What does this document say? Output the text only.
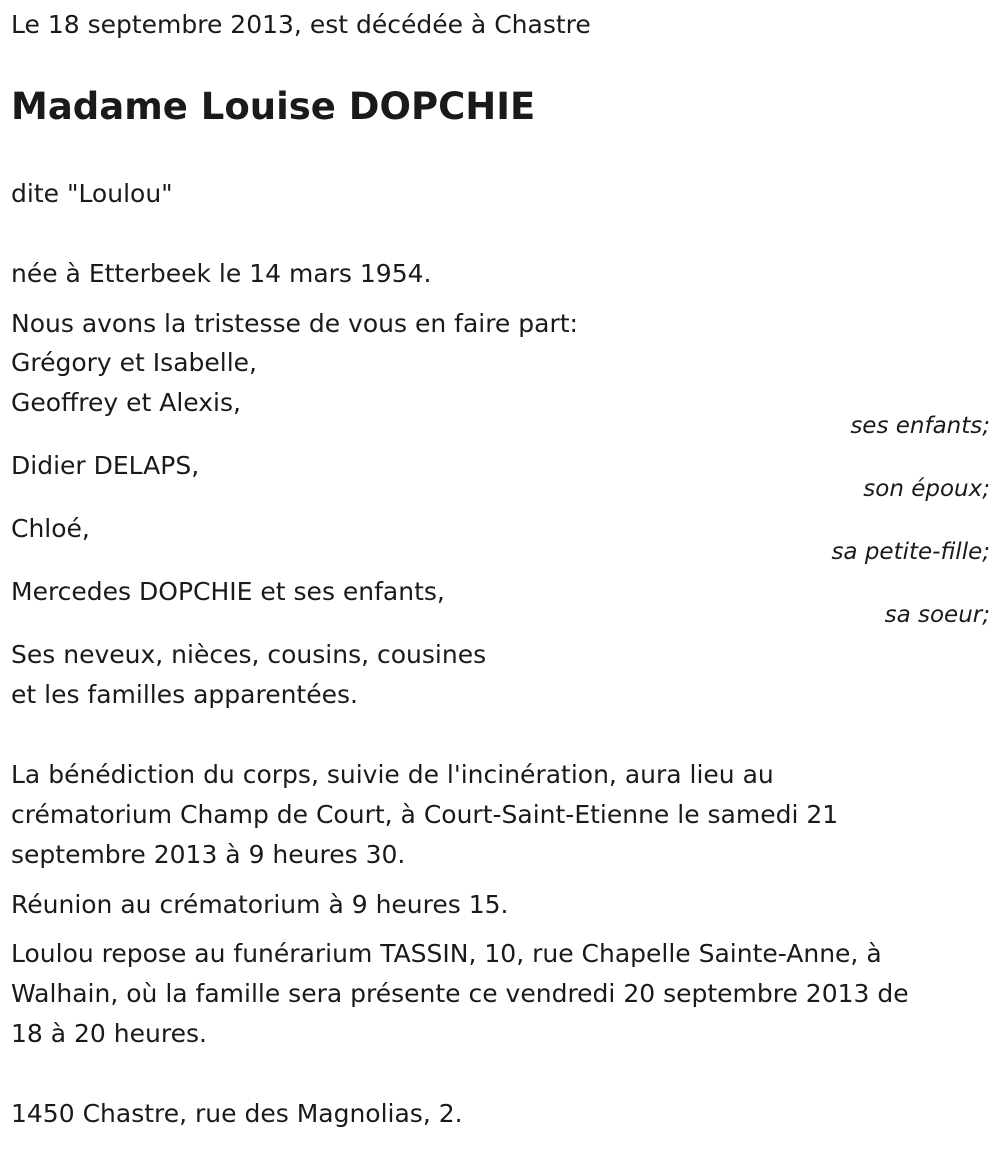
Le 18 septembre 2013, est décédée à Chastre

Madame Louise DOPCHIE

dite "Loulou"

née à Etterbeek le 14 mars 1954.

Nous avons la tristesse de vous en faire part:

Grégory et Isabelle,

Geoffrey et Alexis,

ses enfants;

Didier DELAPS,

son époux;

Chloé,

sa petite-fille;

Mercedes DOPCHIE et ses enfants,

sa soeur;

Ses neveux, nièces, cousins, cousines

et les familles apparentées.

La bénédiction du corps, suivie de l'incinération, aura lieu au

crématorium Champ de Court, à Court-Saint-Etienne le samedi 21

septembre 2013 à 9 heures 30.

Réunion au crématorium à 9 heures 15.

Loulou repose au funérarium TASSIN, 10, rue Chapelle Sainte-Anne, à

Walhain, où la famille sera présente ce vendredi 20 septembre 2013 de

18 à 20 heures.

1450 Chastre, rue des Magnolias, 2.
